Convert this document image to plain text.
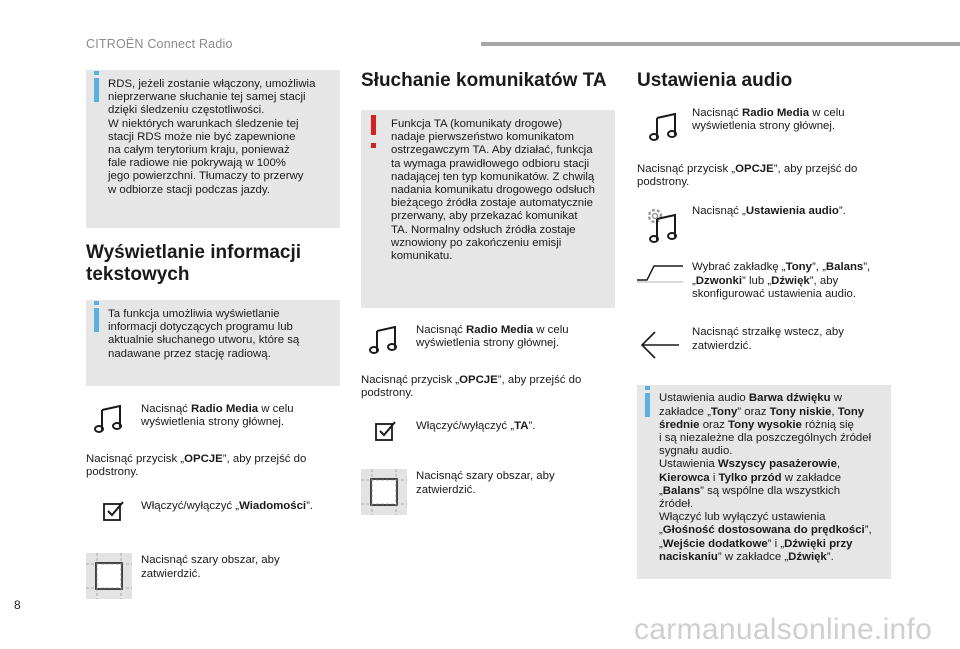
CITROËN Connect Radio
RDS, jeżeli zostanie włączony, umożliwia
nieprzerwane słuchanie tej samej stacji
dzięki śledzeniu częstotliwości.
W niektórych warunkach śledzenie tej
stacji RDS może nie być zapewnione
na całym terytorium kraju, ponieważ
fale radiowe nie pokrywają w 100%
jego powierzchni. Tłumaczy to przerwy
w odbiorze stacji podczas jazdy.
Wyświetlanie informacji
tekstowych
Ta funkcja umożliwia wyświetlanie
informacji dotyczących programu lub
aktualnie słuchanego utworu, które są
nadawane przez stację radiową.
Nacisnąć Radio Media w celu
wyświetlenia strony głównej.
Nacisnąć przycisk „OPCJE”, aby przejść do
podstrony.
Włączyć/wyłączyć „Wiadomości”.
Nacisnąć szary obszar, aby
zatwierdzić.
Słuchanie komunikatów TA
Funkcja TA (komunikaty drogowe)
nadaje pierwszeństwo komunikatom
ostrzegawczym TA. Aby działać, funkcja
ta wymaga prawidłowego odbioru stacji
nadającej ten typ komunikatów. Z chwilą
nadania komunikatu drogowego odsłuch
bieżącego źródła zostaje automatycznie
przerwany, aby przekazać komunikat
TA. Normalny odsłuch źródła zostaje
wznowiony po zakończeniu emisji
komunikatu.
Nacisnąć Radio Media w celu
wyświetlenia strony głównej.
Nacisnąć przycisk „OPCJE”, aby przejść do
podstrony.
Włączyć/wyłączyć „TA”.
Nacisnąć szary obszar, aby
zatwierdzić.
Ustawienia audio
Nacisnąć Radio Media w celu
wyświetlenia strony głównej.
Nacisnąć przycisk „OPCJE”, aby przejść do
podstrony.
Nacisnąć „Ustawienia audio”.
Wybrać zakładkę „Tony”, „Balans”,
„Dzwonki” lub „Dźwięk”, aby
skonfigurować ustawienia audio.
Nacisnąć strzałkę wstecz, aby
zatwierdzić.
Ustawienia audio Barwa dźwięku w
zakładce „Tony” oraz Tony niskie, Tony
średnie oraz Tony wysokie różnią się
i są niezależne dla poszczególnych źródeł
sygnału audio.
Ustawienia Wszyscy pasażerowie,
Kierowca i Tylko przód w zakładce
„Balans” są wspólne dla wszystkich
źródeł.
Włączyć lub wyłączyć ustawienia
„Głośność dostosowana do prędkości”,
„Wejście dodatkowe” i „Dźwięki przy
naciskaniu” w zakładce „Dźwięk”.
8
carmanualsonline.info
